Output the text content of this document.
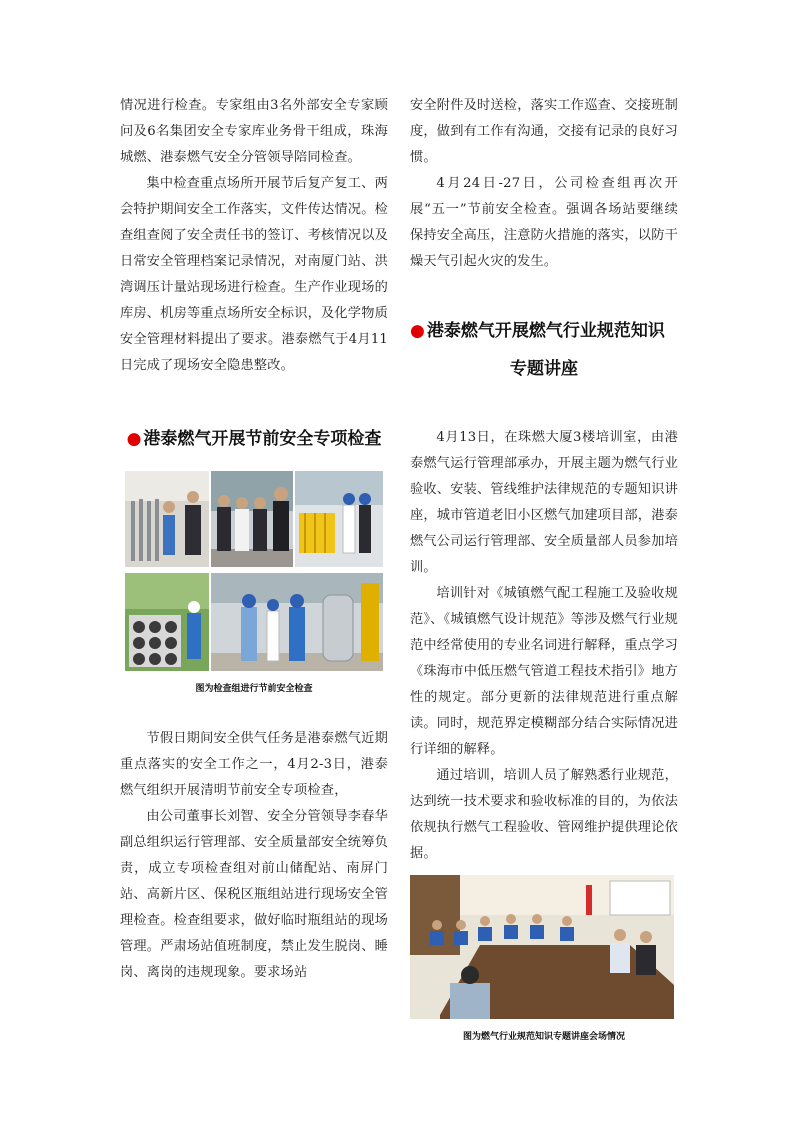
情况进行检查。专家组由3名外部安全专家顾问及6名集团安全专家库业务骨干组成，珠海城燃、港泰燃气安全分管领导陪同检查。

集中检查重点场所开展节后复产复工、两会特护期间安全工作落实，文件传达情况。检查组查阅了安全责任书的签订、考核情况以及日常安全管理档案记录情况，对南厦门站、洪湾调压计量站现场进行检查。生产作业现场的库房、机房等重点场所安全标识，及化学物质安全管理材料提出了要求。港泰燃气于4月11日完成了现场安全隐患整改。

● 港泰燃气开展节前安全专项检查
图为检查组进行节前安全检查

节假日期间安全供气任务是港泰燃气近期重点落实的安全工作之一，4月2-3日，港泰燃气组织开展清明节前安全专项检查，

由公司董事长刘智、安全分管领导李春华副总组织运行管理部、安全质量部安全统筹负责，成立专项检查组对前山储配站、南屏门站、高新片区、保税区瓶组站进行现场安全管理检查。检查组要求，做好临时瓶组站的现场管理。严肃场站值班制度，禁止发生脱岗、睡岗、离岗的违规现象。要求场站

安全附件及时送检，落实工作巡查、交接班制度，做到有工作有沟通，交接有记录的良好习惯。

4月24日-27日，公司检查组再次开展“五一”节前安全检查。强调各场站要继续保持安全高压，注意防火措施的落实，以防干燥天气引起火灾的发生。

● 港泰燃气开展燃气行业规范知识
专题讲座

4月13日，在珠燃大厦3楼培训室，由港泰燃气运行管理部承办，开展主题为燃气行业验收、安装、管线维护法律规范的专题知识讲座，城市管道老旧小区燃气加建项目部，港泰燃气公司运行管理部、安全质量部人员参加培训。

培训针对《城镇燃气配工程施工及验收规范》、《城镇燃气设计规范》等涉及燃气行业规范中经常使用的专业名词进行解释，重点学习《珠海市中低压燃气管道工程技术指引》地方性的规定。部分更新的法律规范进行重点解读。同时，规范界定模糊部分结合实际情况进行详细的解释。

通过培训，培训人员了解熟悉行业规范，达到统一技术要求和验收标准的目的，为依法依规执行燃气工程验收、管网维护提供理论依据。

图为燃气行业规范知识专题讲座会场情况
